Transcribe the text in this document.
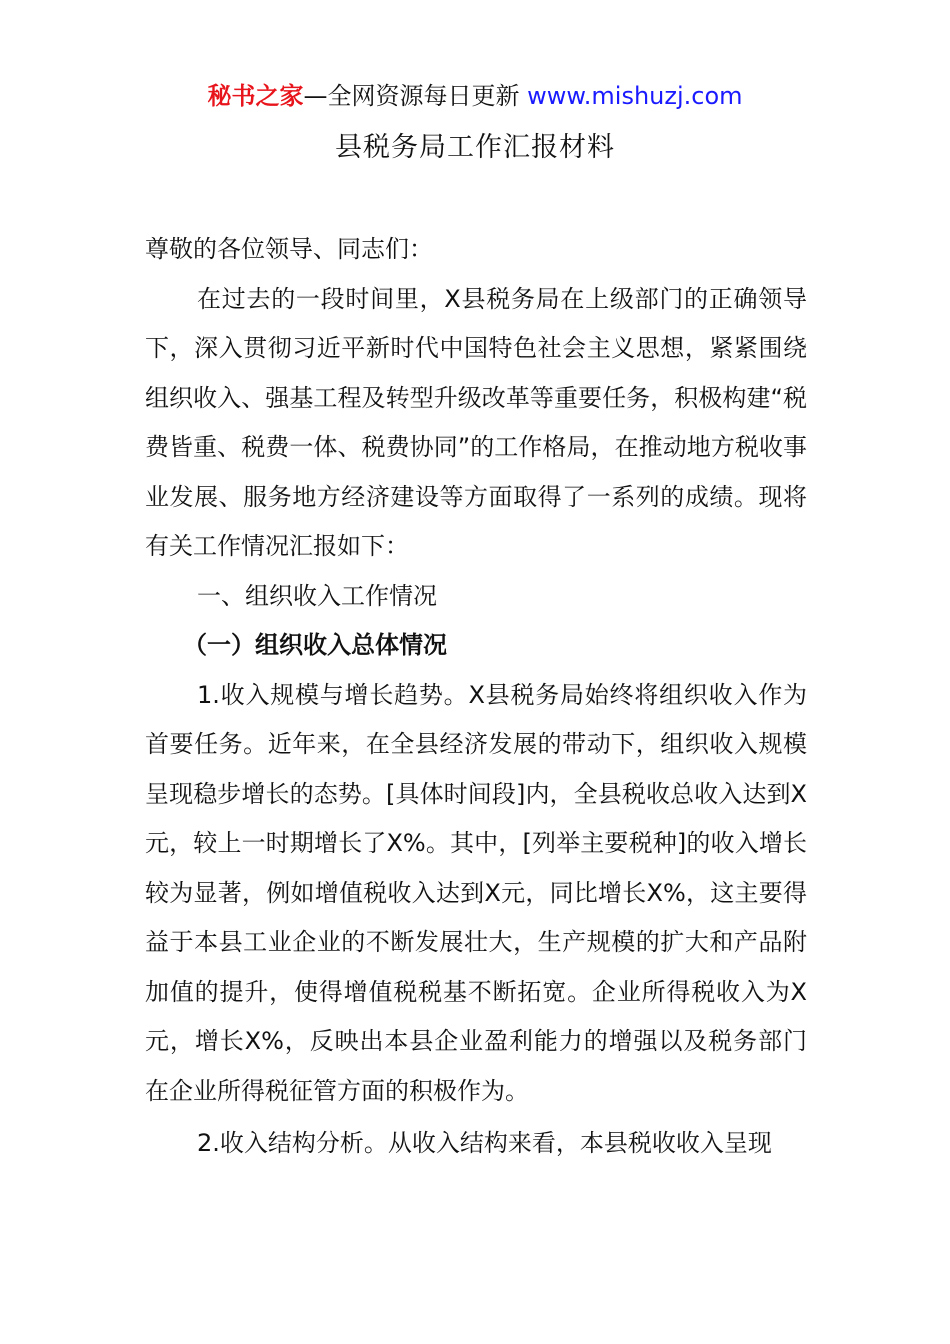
秘书之家—全网资源每日更新 www.mishuzj.com
县税务局工作汇报材料

尊敬的各位领导、同志们：

在过去的一段时间里，X县税务局在上级部门的正确领导下，深入贯彻习近平新时代中国特色社会主义思想，紧紧围绕组织收入、强基工程及转型升级改革等重要任务，积极构建“税费皆重、税费一体、税费协同”的工作格局，在推动地方税收事业发展、服务地方经济建设等方面取得了一系列的成绩。现将有关工作情况汇报如下：

一、组织收入工作情况

（一）组织收入总体情况

1.收入规模与增长趋势。X县税务局始终将组织收入作为首要任务。近年来，在全县经济发展的带动下，组织收入规模呈现稳步增长的态势。[具体时间段]内，全县税收总收入达到X元，较上一时期增长了X%。其中，[列举主要税种]的收入增长较为显著，例如增值税收入达到X元，同比增长X%，这主要得益于本县工业企业的不断发展壮大，生产规模的扩大和产品附加值的提升，使得增值税税基不断拓宽。企业所得税收入为X元，增长X%，反映出本县企业盈利能力的增强以及税务部门在企业所得税征管方面的积极作为。

2.收入结构分析。从收入结构来看，本县税收收入呈现
